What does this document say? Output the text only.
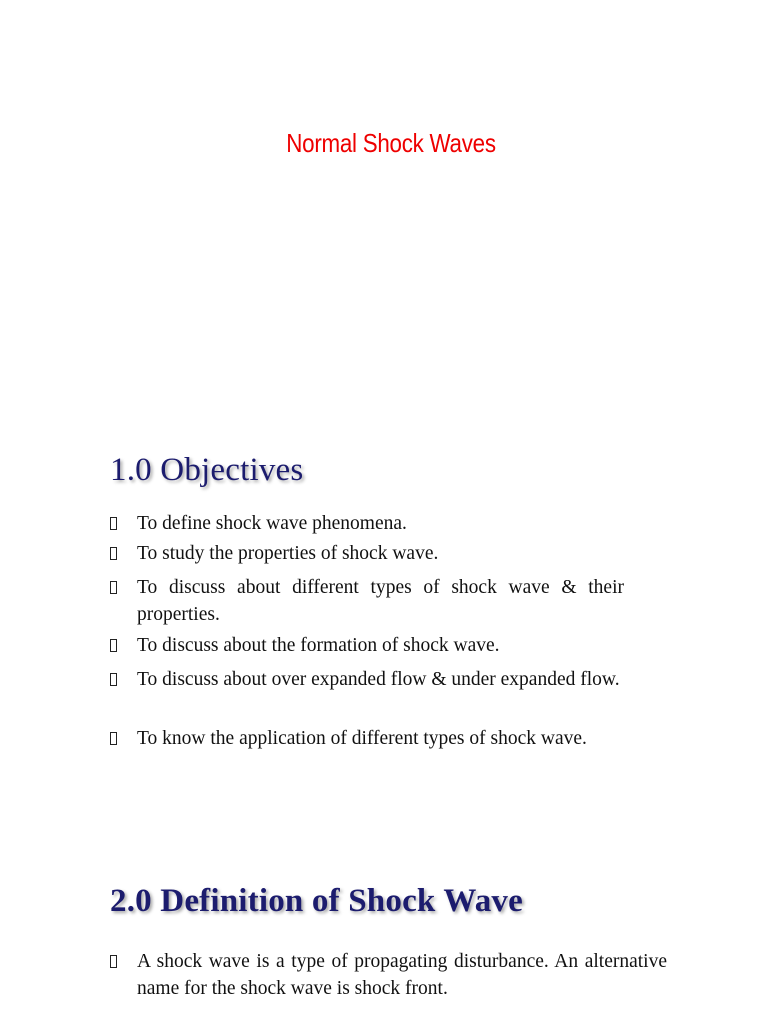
Normal Shock Waves
1.0 Objectives
To define shock wave phenomena.
To study the properties of shock wave.
To discuss about different types of shock wave & their properties.
To discuss about the formation of shock wave.
To discuss about over expanded flow & under expanded flow.
To know the application of different types of shock wave.
2.0 Definition of Shock Wave
A shock wave is a type of propagating disturbance. An alternative name for the shock wave is shock front.
